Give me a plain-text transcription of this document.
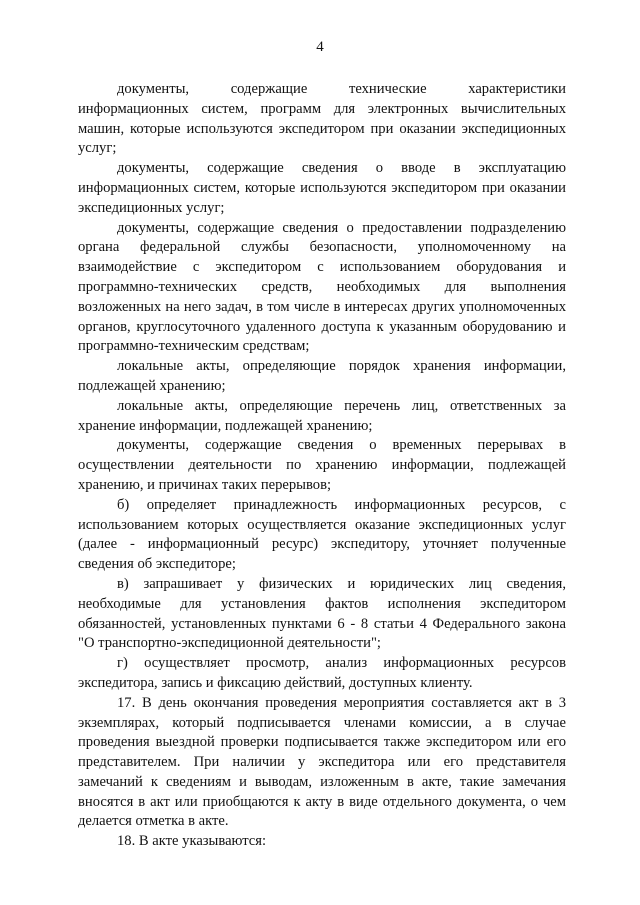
4

документы, содержащие технические характеристики информационных систем, программ для электронных вычислительных машин, которые используются экспедитором при оказании экспедиционных услуг;

документы, содержащие сведения о вводе в эксплуатацию информационных систем, которые используются экспедитором при оказании экспедиционных услуг;

документы, содержащие сведения о предоставлении подразделению органа федеральной службы безопасности, уполномоченному на взаимодействие с экспедитором с использованием оборудования и программно-технических средств, необходимых для выполнения возложенных на него задач, в том числе в интересах других уполномоченных органов, круглосуточного удаленного доступа к указанным оборудованию и программно-техническим средствам;

локальные акты, определяющие порядок хранения информации, подлежащей хранению;

локальные акты, определяющие перечень лиц, ответственных за хранение информации, подлежащей хранению;

документы, содержащие сведения о временных перерывах в осуществлении деятельности по хранению информации, подлежащей хранению, и причинах таких перерывов;

б) определяет принадлежность информационных ресурсов, с использованием которых осуществляется оказание экспедиционных услуг (далее - информационный ресурс) экспедитору, уточняет полученные сведения об экспедиторе;

в) запрашивает у физических и юридических лиц сведения, необходимые для установления фактов исполнения экспедитором обязанностей, установленных пунктами 6 - 8 статьи 4 Федерального закона "О транспортно-экспедиционной деятельности";

г) осуществляет просмотр, анализ информационных ресурсов экспедитора, запись и фиксацию действий, доступных клиенту.

17. В день окончания проведения мероприятия составляется акт в 3 экземплярах, который подписывается членами комиссии, а в случае проведения выездной проверки подписывается также экспедитором или его представителем. При наличии у экспедитора или его представителя замечаний к сведениям и выводам, изложенным в акте, такие замечания вносятся в акт или приобщаются к акту в виде отдельного документа, о чем делается отметка в акте.

18. В акте указываются:
